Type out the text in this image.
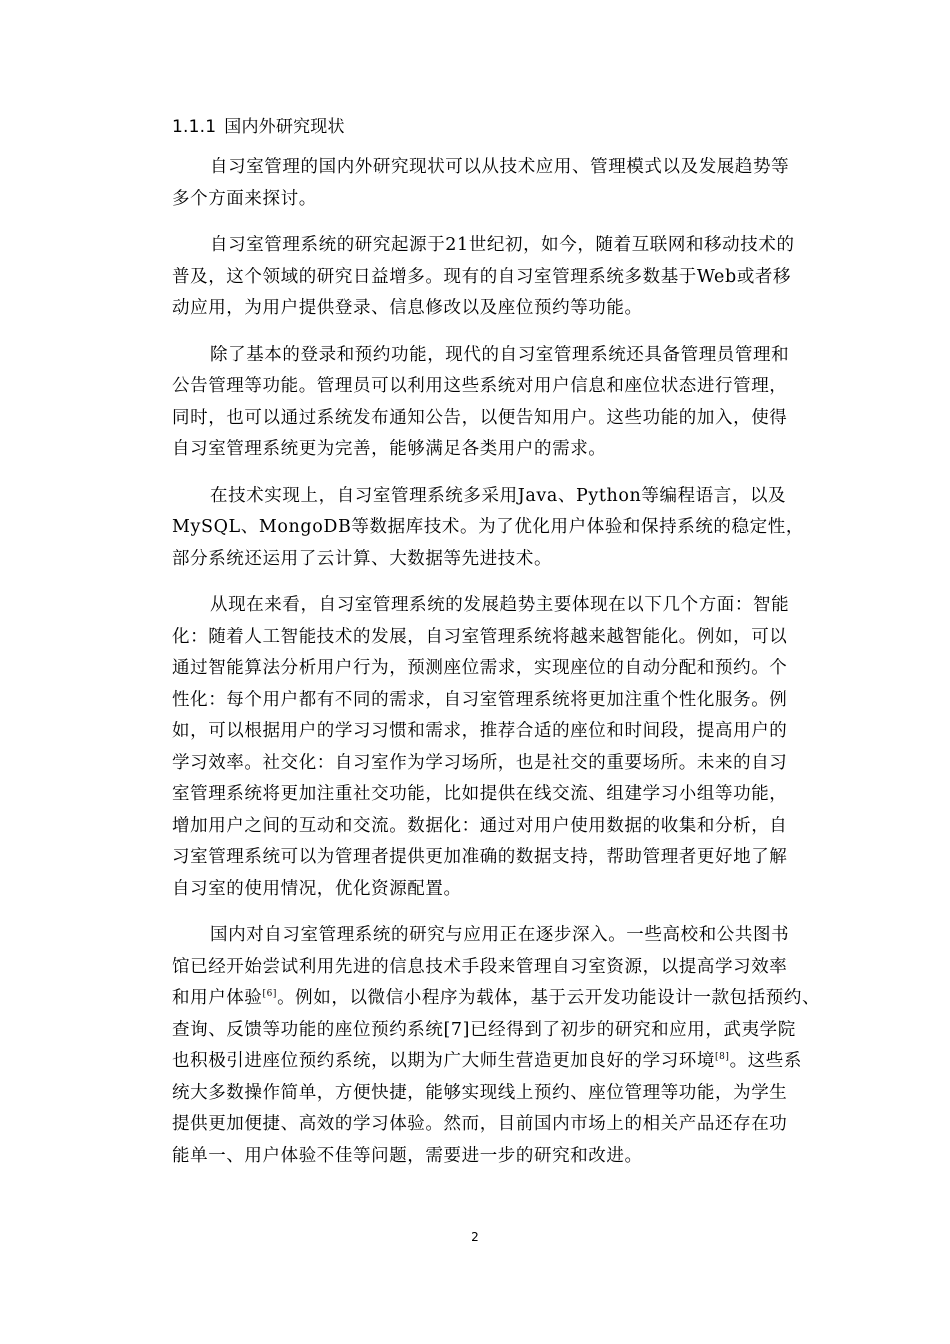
1.1.1 国内外研究现状
自习室管理的国内外研究现状可以从技术应用、管理模式以及发展趋势等
多个方面来探讨。
自习室管理系统的研究起源于21世纪初，如今，随着互联网和移动技术的
普及，这个领域的研究日益增多。现有的自习室管理系统多数基于Web或者移
动应用，为用户提供登录、信息修改以及座位预约等功能。
除了基本的登录和预约功能，现代的自习室管理系统还具备管理员管理和
公告管理等功能。管理员可以利用这些系统对用户信息和座位状态进行管理，
同时，也可以通过系统发布通知公告，以便告知用户。这些功能的加入，使得
自习室管理系统更为完善，能够满足各类用户的需求。
在技术实现上，自习室管理系统多采用Java、Python等编程语言，以及
MySQL、MongoDB等数据库技术。为了优化用户体验和保持系统的稳定性，
部分系统还运用了云计算、大数据等先进技术。
从现在来看，自习室管理系统的发展趋势主要体现在以下几个方面：智能
化：随着人工智能技术的发展，自习室管理系统将越来越智能化。例如，可以
通过智能算法分析用户行为，预测座位需求，实现座位的自动分配和预约。个
性化：每个用户都有不同的需求，自习室管理系统将更加注重个性化服务。例
如，可以根据用户的学习习惯和需求，推荐合适的座位和时间段，提高用户的
学习效率。社交化：自习室作为学习场所，也是社交的重要场所。未来的自习
室管理系统将更加注重社交功能，比如提供在线交流、组建学习小组等功能，
增加用户之间的互动和交流。数据化：通过对用户使用数据的收集和分析，自
习室管理系统可以为管理者提供更加准确的数据支持，帮助管理者更好地了解
自习室的使用情况，优化资源配置。
国内对自习室管理系统的研究与应用正在逐步深入。一些高校和公共图书
馆已经开始尝试利用先进的信息技术手段来管理自习室资源，以提高学习效率
和用户体验[6]。例如，以微信小程序为载体，基于云开发功能设计一款包括预约、
查询、反馈等功能的座位预约系统[7]已经得到了初步的研究和应用，武夷学院
也积极引进座位预约系统，以期为广大师生营造更加良好的学习环境[8]。这些系
统大多数操作简单，方便快捷，能够实现线上预约、座位管理等功能，为学生
提供更加便捷、高效的学习体验。然而，目前国内市场上的相关产品还存在功
能单一、用户体验不佳等问题，需要进一步的研究和改进。
2
